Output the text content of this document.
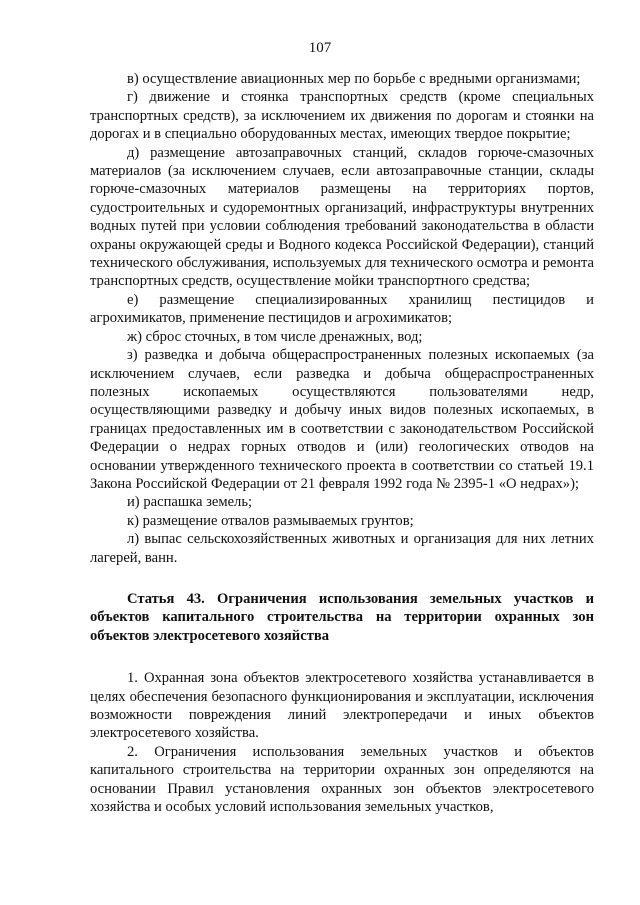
107

в) осуществление авиационных мер по борьбе с вредными организмами;

г) движение и стоянка транспортных средств (кроме специальных транспортных средств), за исключением их движения по дорогам и стоянки на дорогах и в специально оборудованных местах, имеющих твердое покрытие;

д) размещение автозаправочных станций, складов горюче-смазочных материалов (за исключением случаев, если автозаправочные станции, склады горюче-смазочных материалов размещены на территориях портов, судостроительных и судоремонтных организаций, инфраструктуры внутренних водных путей при условии соблюдения требований законодательства в области охраны окружающей среды и Водного кодекса Российской Федерации), станций технического обслуживания, используемых для технического осмотра и ремонта транспортных средств, осуществление мойки транспортного средства;

е) размещение специализированных хранилищ пестицидов и агрохимикатов, применение пестицидов и агрохимикатов;

ж) сброс сточных, в том числе дренажных, вод;

з) разведка и добыча общераспространенных полезных ископаемых (за исключением случаев, если разведка и добыча общераспространенных полезных ископаемых осуществляются пользователями недр, осуществляющими разведку и добычу иных видов полезных ископаемых, в границах предоставленных им в соответствии с законодательством Российской Федерации о недрах горных отводов и (или) геологических отводов на основании утвержденного технического проекта в соответствии со статьей 19.1 Закона Российской Федерации от 21 февраля 1992 года № 2395-1 «О недрах»);

и) распашка земель;

к) размещение отвалов размываемых грунтов;

л) выпас сельскохозяйственных животных и организация для них летних лагерей, ванн.

Статья 43. Ограничения использования земельных участков и объектов капитального строительства на территории охранных зон объектов электросетевого хозяйства

1. Охранная зона объектов электросетевого хозяйства устанавливается в целях обеспечения безопасного функционирования и эксплуатации, исключения возможности повреждения линий электропередачи и иных объектов электросетевого хозяйства.

2. Ограничения использования земельных участков и объектов капитального строительства на территории охранных зон определяются на основании Правил установления охранных зон объектов электросетевого хозяйства и особых условий использования земельных участков,
